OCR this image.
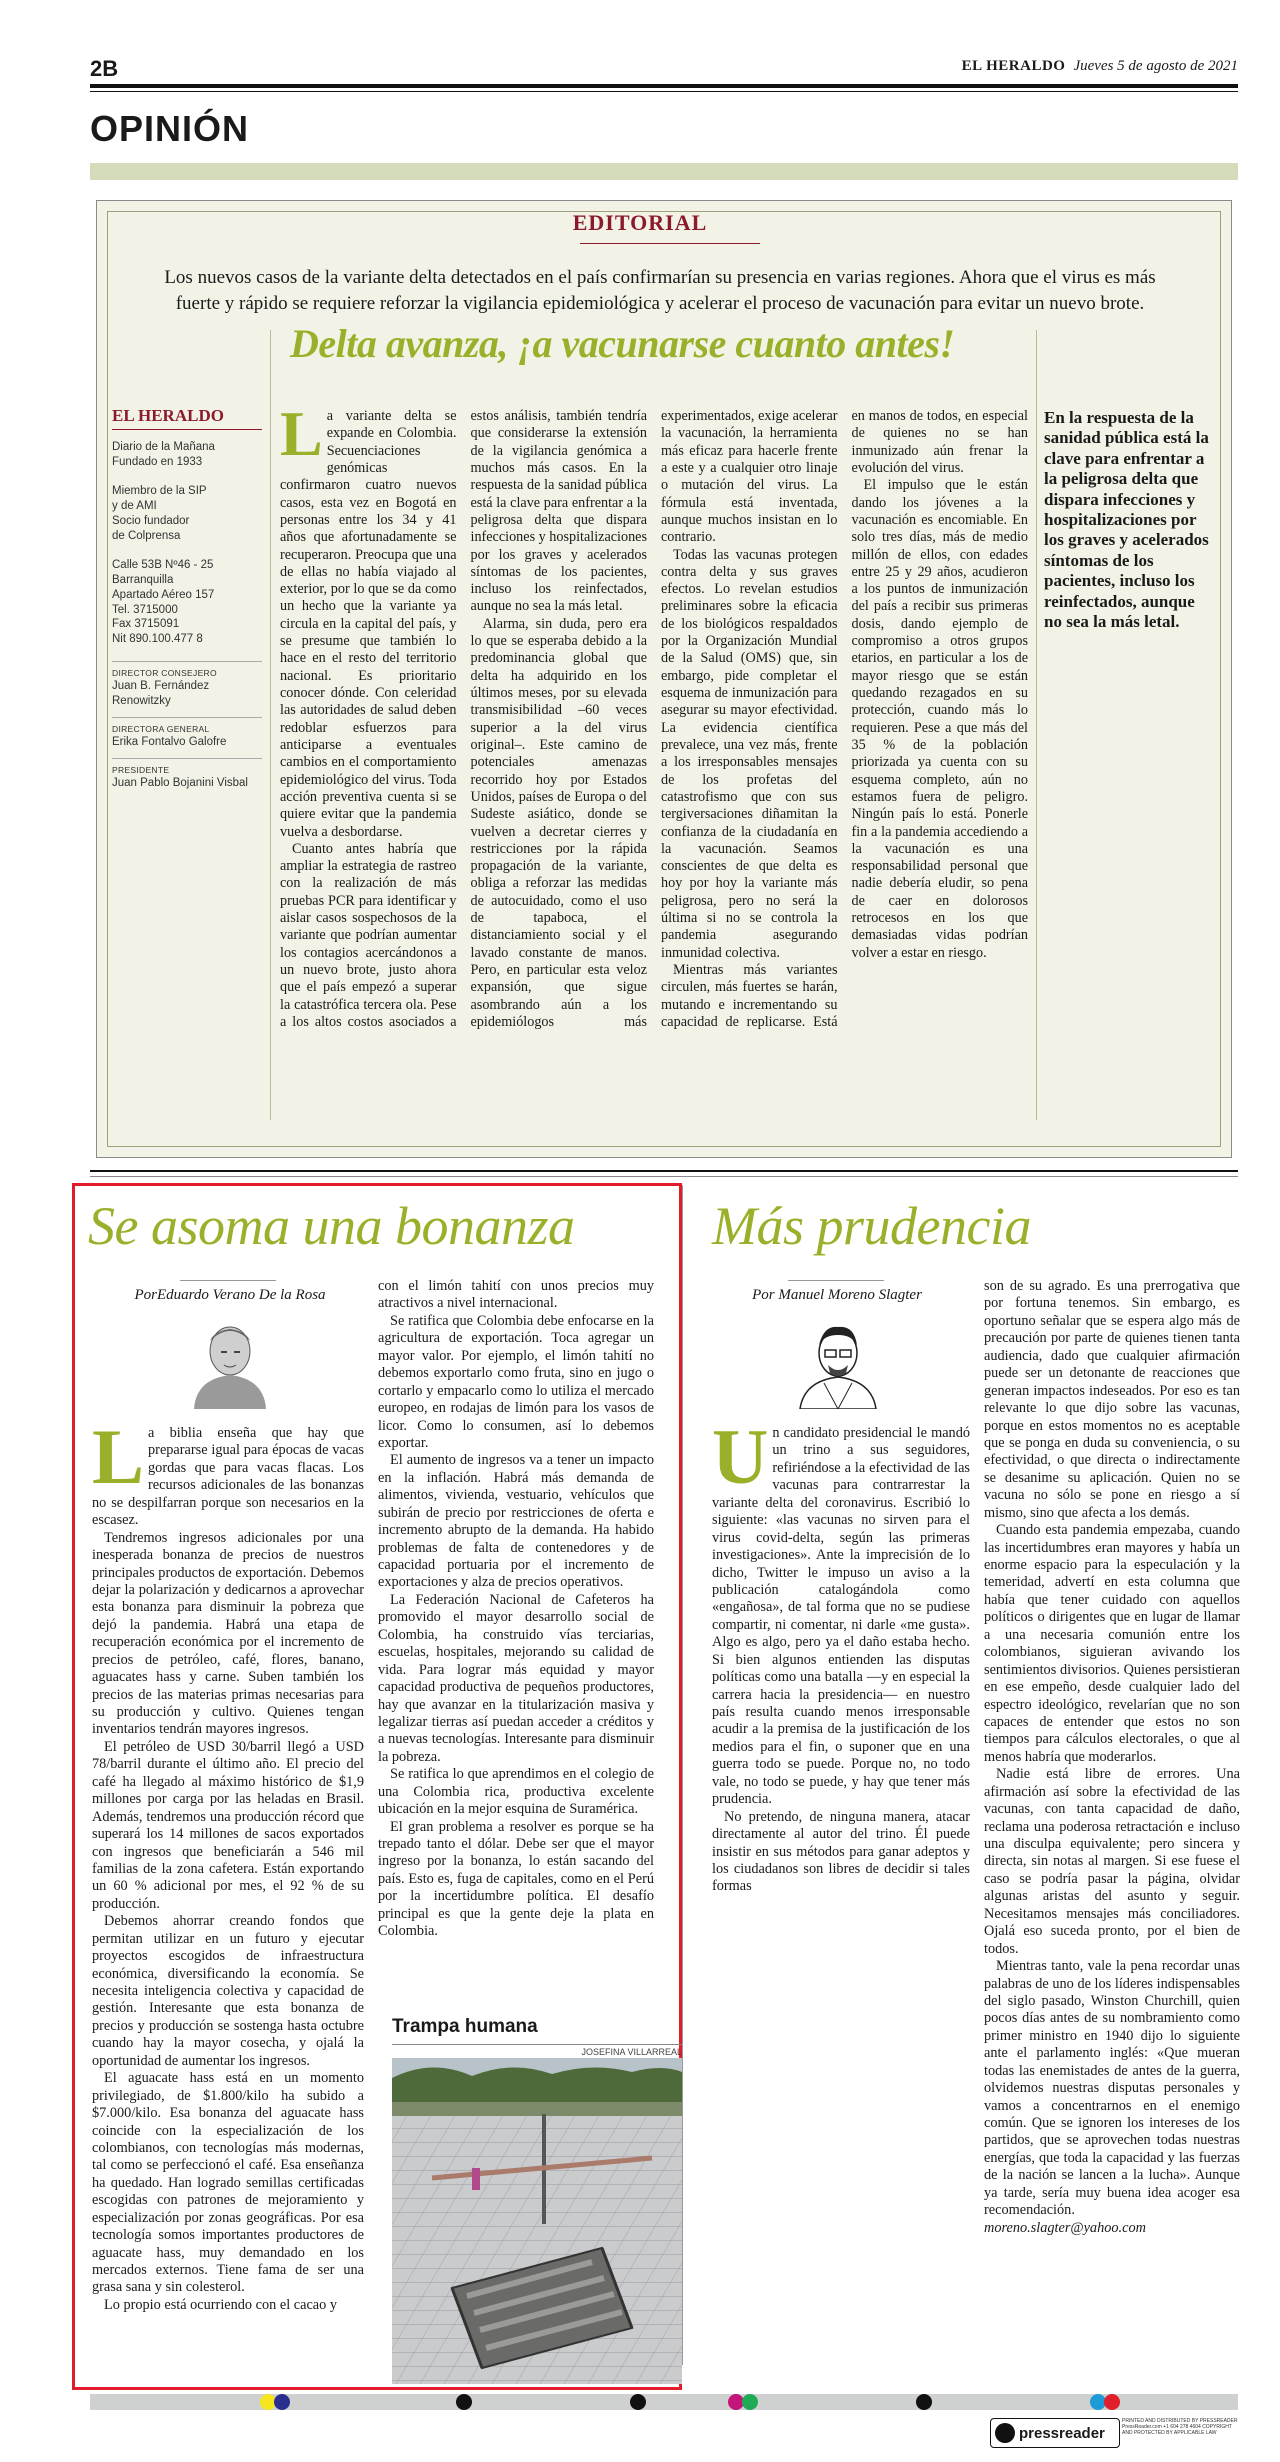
2B	EL HERALDO Jueves 5 de agosto de 2021
OPINIÓN
EDITORIAL
Los nuevos casos de la variante delta detectados en el país confirmarían su presencia en varias regiones. Ahora que el virus es más fuerte y rápido se requiere reforzar la vigilancia epidemiológica y acelerar el proceso de vacunación para evitar un nuevo brote.
Delta avanza, ¡a vacunarse cuanto antes!
EL HERALDO
Diario de la Mañana
Fundado en 1933
Miembro de la SIP
y de AMI
Socio fundador
de Colprensa
Calle 53B Nº46 - 25
Barranquilla
Apartado Aéreo 157
Tel. 3715000
Fax 3715091
Nit 890.100.477 8
DIRECTOR CONSEJERO
Juan B. Fernández Renowitzky
DIRECTORA GENERAL
Erika Fontalvo Galofre
PRESIDENTE
Juan Pablo Bojanini Visbal

La variante delta se expande en Colombia. Secuenciaciones genómicas confirmaron cuatro nuevos casos, esta vez en Bogotá en personas entre los 34 y 41 años que afortunadamente se recuperaron. Preocupa que una de ellas no había viajado al exterior, por lo que se da como un hecho que la variante ya circula en la capital del país, y se presume que también lo hace en el resto del territorio nacional. Es prioritario conocer dónde. Con celeridad las autoridades de salud deben redoblar esfuerzos para anticiparse a eventuales cambios en el comportamiento epidemiológico del virus. Toda acción preventiva cuenta si se quiere evitar que la pandemia vuelva a desbordarse.

Cuanto antes habría que ampliar la estrategia de rastreo con la realización de más pruebas PCR para identificar y aislar casos sospechosos de la variante que podrían aumentar los contagios acercándonos a un nuevo brote, justo ahora que el país empezó a superar la catastrófica tercera ola. Pese a los altos costos asociados a estos análisis, también tendría que considerarse la extensión de la vigilancia genómica a muchos más casos. En la respuesta de la sanidad pública está la clave para enfrentar a la peligrosa delta que dispara infecciones y hospitalizaciones por los graves y acelerados síntomas de los pacientes, incluso los reinfectados, aunque no sea la más letal.

Alarma, sin duda, pero era lo que se esperaba debido a la predominancia global que delta ha adquirido en los últimos meses, por su elevada transmisibilidad –60 veces superior a la del virus original–. Este camino de potenciales amenazas recorrido hoy por Estados Unidos, países de Europa o del Sudeste asiático, donde se vuelven a decretar cierres y restricciones por la rápida propagación de la variante, obliga a reforzar las medidas de autocuidado, como el uso de tapaboca, el distanciamiento social y el lavado constante de manos. Pero, en particular esta veloz expansión, que sigue asombrando aún a los epidemiólogos más experimentados, exige acelerar la vacunación, la herramienta más eficaz para hacerle frente a este y a cualquier otro linaje o mutación del virus. La fórmula está inventada, aunque muchos insistan en lo contrario.

Todas las vacunas protegen contra delta y sus graves efectos. Lo revelan estudios preliminares sobre la eficacia de los biológicos respaldados por la Organización Mundial de la Salud (OMS) que, sin embargo, pide completar el esquema de inmunización para asegurar su mayor efectividad. La evidencia científica prevalece, una vez más, frente a los irresponsables mensajes de los profetas del catastrofismo que con sus tergiversaciones diñamitan la confianza de la ciudadanía en la vacunación. Seamos conscientes de que delta es hoy por hoy la variante más peligrosa, pero no será la última si no se controla la pandemia asegurando inmunidad colectiva.

Mientras más variantes circulen, más fuertes se harán, mutando e incrementando su capacidad de replicarse. Está en manos de todos, en especial de quienes no se han inmunizado aún frenar la evolución del virus.

El impulso que le están dando los jóvenes a la vacunación es encomiable. En solo tres días, más de medio millón de ellos, con edades entre 25 y 29 años, acudieron a los puntos de inmunización del país a recibir sus primeras dosis, dando ejemplo de compromiso a otros grupos etarios, en particular a los de mayor riesgo que se están quedando rezagados en su protección, cuando más lo requieren. Pese a que más del 35 % de la población priorizada ya cuenta con su esquema completo, aún no estamos fuera de peligro. Ningún país lo está. Ponerle fin a la pandemia accediendo a la vacunación es una responsabilidad personal que nadie debería eludir, so pena de caer en dolorosos retrocesos en los que demasiadas vidas podrían volver a estar en riesgo.

En la respuesta de la sanidad pública está la clave para enfrentar a la peligrosa delta que dispara infecciones y hospitalizaciones por los graves y acelerados síntomas de los pacientes, incluso los reinfectados, aunque no sea la más letal.
Se asoma una bonanza	Más prudencia
PorEduardo Verano De la Rosa	Por Manuel Moreno Slagter

La biblia enseña que hay que prepararse igual para épocas de vacas gordas que para vacas flacas. Los recursos adicionales de las bonanzas no se despilfarran porque son necesarios en la escasez.

Tendremos ingresos adicionales por una inesperada bonanza de precios de nuestros principales productos de exportación. Debemos dejar la polarización y dedicarnos a aprovechar esta bonanza para disminuir la pobreza que dejó la pandemia. Habrá una etapa de recuperación económica por el incremento de precios de petróleo, café, flores, banano, aguacates hass y carne. Suben también los precios de las materias primas necesarias para su producción y cultivo. Quienes tengan inventarios tendrán mayores ingresos.

El petróleo de USD 30/barril llegó a USD 78/barril durante el último año. El precio del café ha llegado al máximo histórico de $1,9 millones por carga por las heladas en Brasil. Además, tendremos una producción récord que superará los 14 millones de sacos exportados con ingresos que beneficiarán a 546 mil familias de la zona cafetera. Están exportando un 60 % adicional por mes, el 92 % de su producción.

Debemos ahorrar creando fondos que permitan utilizar en un futuro y ejecutar proyectos escogidos de infraestructura económica, diversificando la economía. Se necesita inteligencia colectiva y capacidad de gestión. Interesante que esta bonanza de precios y producción se sostenga hasta octubre cuando hay la mayor cosecha, y ojalá la oportunidad de aumentar los ingresos.

El aguacate hass está en un momento privilegiado, de $1.800/kilo ha subido a $7.000/kilo. Esa bonanza del aguacate hass coincide con la especialización de los colombianos, con tecnologías más modernas, tal como se perfeccionó el café. Esa enseñanza ha quedado. Han logrado semillas certificadas escogidas con patrones de mejoramiento y especialización por zonas geográficas. Por esa tecnología somos importantes productores de aguacate hass, muy demandado en los mercados externos. Tiene fama de ser una grasa sana y sin colesterol.

Lo propio está ocurriendo con el cacao y

con el limón tahití con unos precios muy atractivos a nivel internacional.

Se ratifica que Colombia debe enfocarse en la agricultura de exportación. Toca agregar un mayor valor. Por ejemplo, el limón tahití no debemos exportarlo como fruta, sino en jugo o cortarlo y empacarlo como lo utiliza el mercado europeo, en rodajas de limón para los vasos de licor. Como lo consumen, así lo debemos exportar.

El aumento de ingresos va a tener un impacto en la inflación. Habrá más demanda de alimentos, vivienda, vestuario, vehículos que subirán de precio por restricciones de oferta e incremento abrupto de la demanda. Ha habido problemas de falta de contenedores y de capacidad portuaria por el incremento de exportaciones y alza de precios operativos.

La Federación Nacional de Cafeteros ha promovido el mayor desarrollo social de Colombia, ha construido vías terciarias, escuelas, hospitales, mejorando su calidad de vida. Para lograr más equidad y mayor capacidad productiva de pequeños productores, hay que avanzar en la titularización masiva y legalizar tierras así puedan acceder a créditos y a nuevas tecnologías. Interesante para disminuir la pobreza.

Se ratifica lo que aprendimos en el colegio de una Colombia rica, productiva excelente ubicación en la mejor esquina de Suramérica.

El gran problema a resolver es porque se ha trepado tanto el dólar. Debe ser que el mayor ingreso por la bonanza, lo están sacando del país. Esto es, fuga de capitales, como en el Perú por la incertidumbre política. El desafío principal es que la gente deje la plata en Colombia.

Trampa humana
JOSEFINA VILLARREAL

Un candidato presidencial le mandó un trino a sus seguidores, refiriéndose a la efectividad de las vacunas para contrarrestar la variante delta del coronavirus. Escribió lo siguiente: «las vacunas no sirven para el virus covid-delta, según las primeras investigaciones». Ante la imprecisión de lo dicho, Twitter le impuso un aviso a la publicación catalogándola como «engañosa», de tal forma que no se pudiese compartir, ni comentar, ni darle «me gusta». Algo es algo, pero ya el daño estaba hecho. Si bien algunos entienden las disputas políticas como una batalla —y en especial la carrera hacia la presidencia— en nuestro país resulta cuando menos irresponsable acudir a la premisa de la justificación de los medios para el fin, o suponer que en una guerra todo se puede. Porque no, no todo vale, no todo se puede, y hay que tener más prudencia.

No pretendo, de ninguna manera, atacar directamente al autor del trino. Él puede insistir en sus métodos para ganar adeptos y los ciudadanos son libres de decidir si tales formas

son de su agrado. Es una prerrogativa que por fortuna tenemos. Sin embargo, es oportuno señalar que se espera algo más de precaución por parte de quienes tienen tanta audiencia, dado que cualquier afirmación puede ser un detonante de reacciones que generan impactos indeseados. Por eso es tan relevante lo que dijo sobre las vacunas, porque en estos momentos no es aceptable que se ponga en duda su conveniencia, o su efectividad, o que directa o indirectamente se desanime su aplicación. Quien no se vacuna no sólo se pone en riesgo a sí mismo, sino que afecta a los demás.

Cuando esta pandemia empezaba, cuando las incertidumbres eran mayores y había un enorme espacio para la especulación y la temeridad, advertí en esta columna que había que tener cuidado con aquellos políticos o dirigentes que en lugar de llamar a una necesaria comunión entre los colombianos, siguieran avivando los sentimientos divisorios. Quienes persistieran en ese empeño, desde cualquier lado del espectro ideológico, revelarían que no son capaces de entender que estos no son tiempos para cálculos electorales, o que al menos habría que moderarlos.

Nadie está libre de errores. Una afirmación así sobre la efectividad de las vacunas, con tanta capacidad de daño, reclama una poderosa retractación e incluso una disculpa equivalente; pero sincera y directa, sin notas al margen. Si ese fuese el caso se podría pasar la página, olvidar algunas aristas del asunto y seguir. Necesitamos mensajes más conciliadores. Ojalá eso suceda pronto, por el bien de todos.

Mientras tanto, vale la pena recordar unas palabras de uno de los líderes indispensables del siglo pasado, Winston Churchill, quien pocos días antes de su nombramiento como primer ministro en 1940 dijo lo siguiente ante el parlamento inglés: «Que mueran todas las enemistades de antes de la guerra, olvidemos nuestras disputas personales y vamos a concentrarnos en el enemigo común. Que se ignoren los intereses de los partidos, que se aprovechen todas nuestras energías, que toda la capacidad y las fuerzas de la nación se lancen a la lucha». Aunque ya tarde, sería muy buena idea acoger esa recomendación.

moreno.slagter@yahoo.com

pressreader
PRINTED AND DISTRIBUTED BY PRESSREADER PressReader.com +1 604 278 4604 COPYRIGHT AND PROTECTED BY APPLICABLE LAW
